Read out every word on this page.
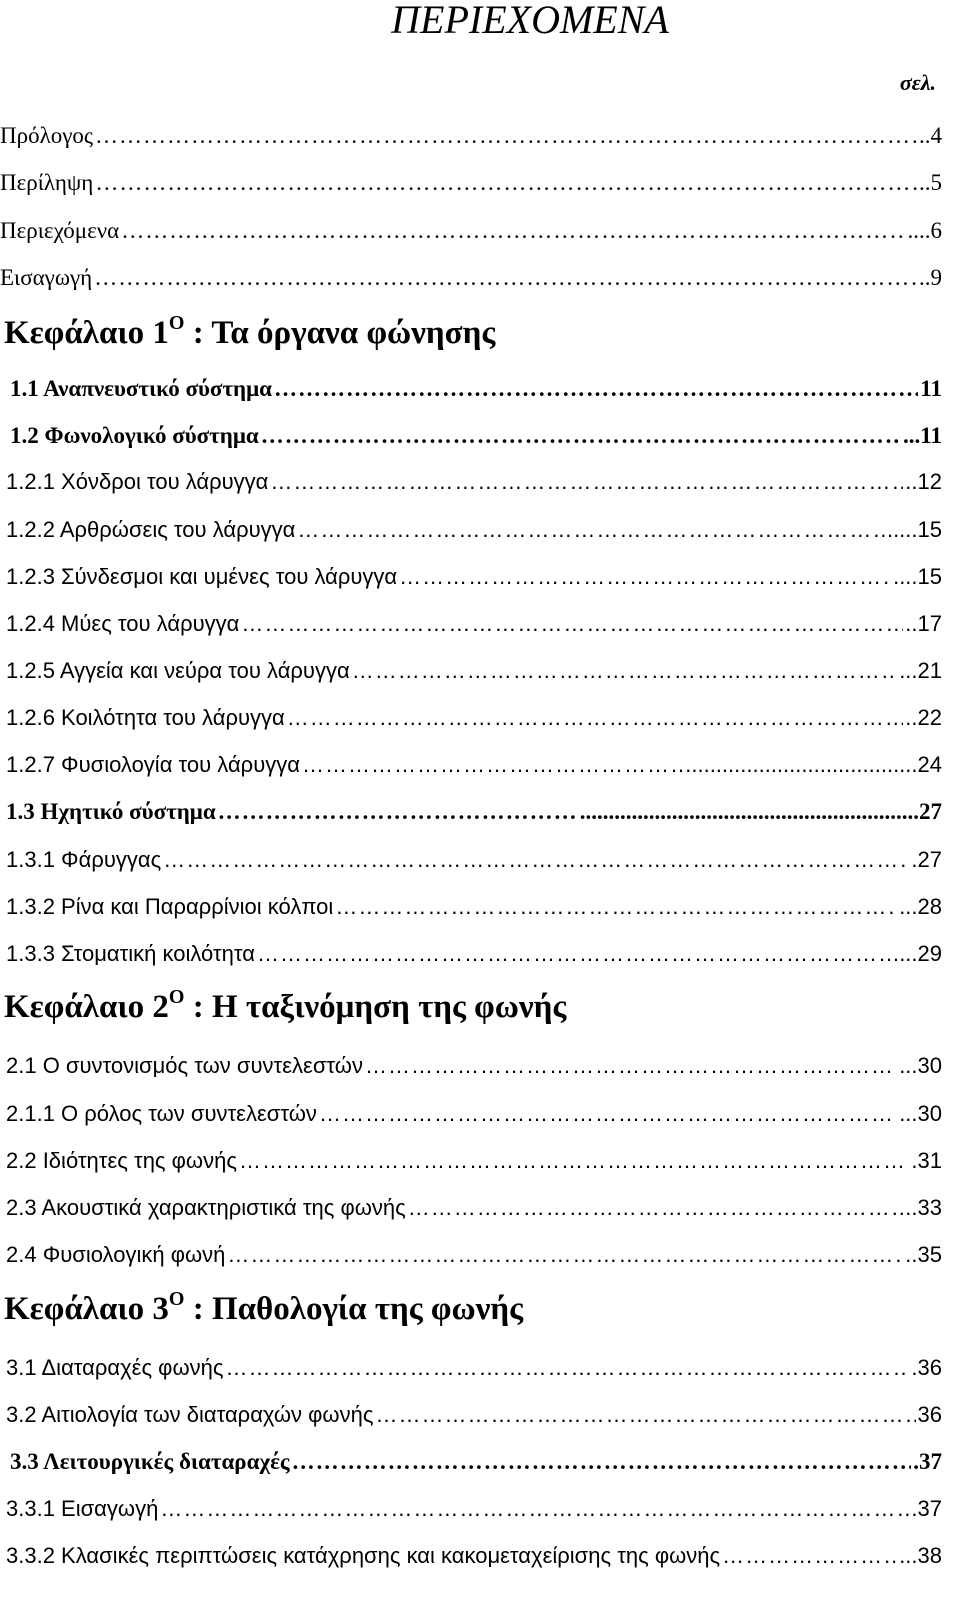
ΠΕΡΙΕΧΟΜΕΝΑ
σελ.
Πρόλογος ……………………………………………………………………………………………………………………………………………………………………	..4
Περίληψη ……………………………………………………………………………………………………………………………………………………………………	..5
Περιεχόμενα ……………………………………………………………………………………………………………………………………………………………………	....6
Εισαγωγή ……………………………………………………………………………………………………………………………………………………………………	..9
Κεφάλαιο $1^O$ : Τα όργανα φώνησης
1.1 Αναπνευστικό σύστημα ……………………………………………………………………………………………………………………………………………………………………	11
1.2 Φωνολογικό σύστημα ……………………………………………………………………………………………………………………………………………………………………	...11
1.2.1 Χόνδροι του λάρυγγα ……………………………………………………………………………………………………………………………………………………………………	..12
1.2.2 Αρθρώσεις του λάρυγγα ……………………………………………………………………………………………………………………………………………………………………	.....15
1.2.3 Σύνδεσμοι και υμένες του λάρυγγα ……………………………………………………………………………………………………………………………………………………………………	....15
1.2.4 Μύες του λάρυγγα ……………………………………………………………………………………………………………………………………………………………………	..17
1.2.5 Αγγεία και νεύρα του λάρυγγα ……………………………………………………………………………………………………………………………………………………………………	...21
1.2.6 Κοιλότητα του λάρυγγα ……………………………………………………………………………………………………………………………………………………………………	..22
1.2.7 Φυσιολογία του λάρυγγα ……………………………………………………………………………………………………………………………………………………………………	......................................24
1.3 Ηχητικό σύστημα ……………………………………………………………………………………………………………………………………………………………………	...........................................................27
1.3.1 Φάρυγγας ……………………………………………………………………………………………………………………………………………………………………	.27
1.3.2 Ρίνα και Παραρρίνιοι κόλποι ……………………………………………………………………………………………………………………………………………………………………	...28
1.3.3 Στοματική κοιλότητα ……………………………………………………………………………………………………………………………………………………………………	...29
Κεφάλαιο $2^O$ : Η ταξινόμηση της φωνής
2.1 Ο συντονισμός των συντελεστών ……………………………………………………………………………………………………………………………………………………………………	...30
2.1.1 Ο ρόλος των συντελεστών ……………………………………………………………………………………………………………………………………………………………………	...30
2.2 Ιδιότητες της φωνής ……………………………………………………………………………………………………………………………………………………………………	.31
2.3 Ακουστικά χαρακτηριστικά της φωνής ……………………………………………………………………………………………………………………………………………………………………	..33
2.4 Φυσιολογική φωνή ……………………………………………………………………………………………………………………………………………………………………	..35
Κεφάλαιο $3^O$ : Παθολογία της φωνής
3.1 Διαταραχές φωνής ……………………………………………………………………………………………………………………………………………………………………	.36
3.2 Αιτιολογία των διαταραχών φωνής ……………………………………………………………………………………………………………………………………………………………………	36
3.3 Λειτουργικές διαταραχές ……………………………………………………………………………………………………………………………………………………………………	.37
3.3.1 Εισαγωγή ……………………………………………………………………………………………………………………………………………………………………	.37
3.3.2 Κλασικές περιπτώσεις κατάχρησης και κακομεταχείρισης της φωνής ……………………………………………………………………………………………………………………………………………………………………	...38
